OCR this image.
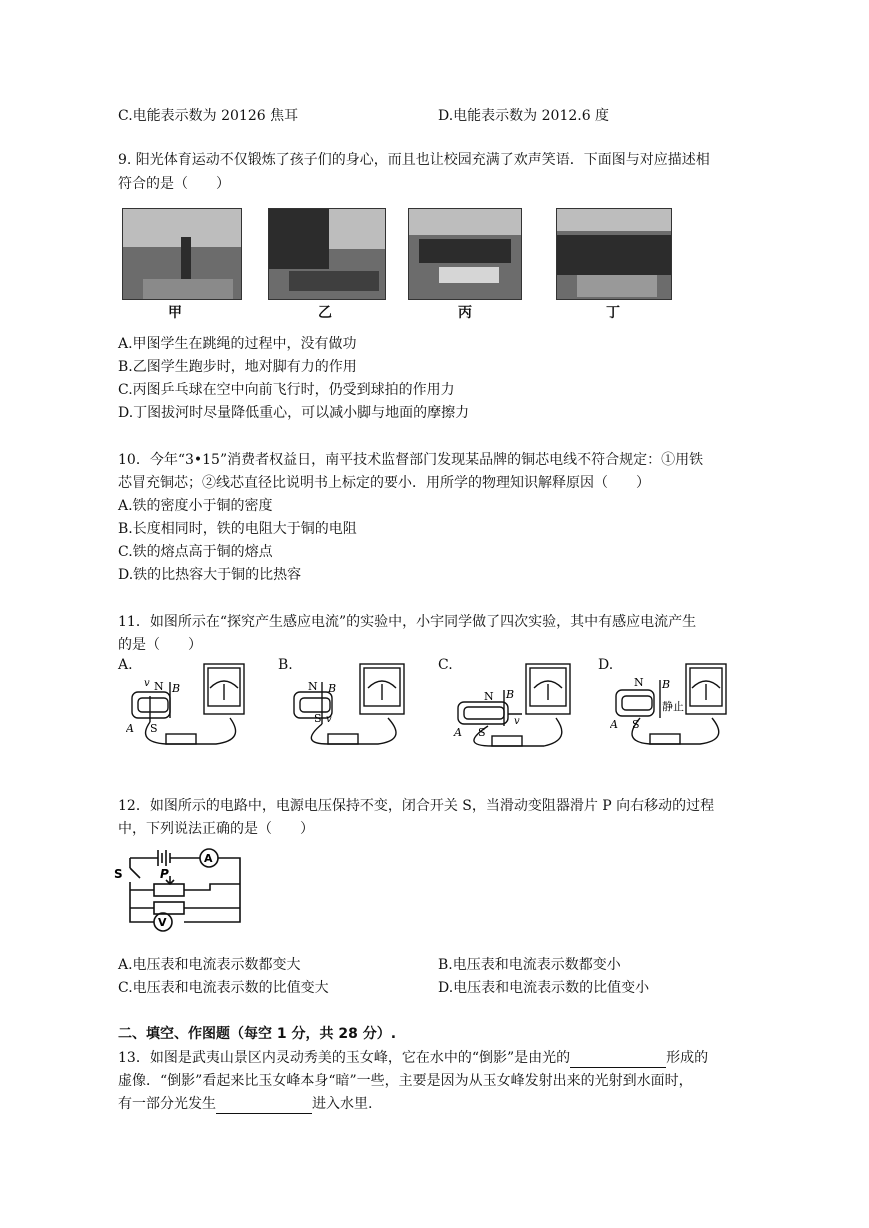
C.电能表示数为 20126 焦耳	D.电能表示数为 2012.6 度
9. 阳光体育运动不仅锻炼了孩子们的身心，而且也让校园充满了欢声笑语．下面图与对应描述相
符合的是（　　）
甲	乙	丙	丁
A.甲图学生在跳绳的过程中，没有做功
B.乙图学生跑步时，地对脚有力的作用
C.丙图乒乓球在空中向前飞行时，仍受到球拍的作用力
D.丁图拔河时尽量降低重心，可以减小脚与地面的摩擦力
10．今年“3•15”消费者权益日，南平技术监督部门发现某品牌的铜芯电线不符合规定：①用铁
芯冒充铜芯；②线芯直径比说明书上标定的要小．用所学的物理知识解释原因（　　）
A.铁的密度小于铜的密度
B.长度相同时，铁的电阻大于铜的电阻
C.铁的熔点高于铜的熔点
D.铁的比热容大于铜的比热容
11．如图所示在“探究产生感应电流”的实验中，小宇同学做了四次实验，其中有感应电流产生
的是（　　）
A.	B.	C.	D.
N B
A S
v	N B
S v
N B
A S
v
N B
A S
静止
12．如图所示的电路中，电源电压保持不变，闭合开关 S，当滑动变阻器滑片 P 向右移动的过程
中，下列说法正确的是（　　）
S	P
A
V
A.电压表和电流表示数都变大	B.电压表和电流表示数都变小
C.电压表和电流表示数的比值变大	D.电压表和电流表示数的比值变小
二、填空、作图题（每空 1 分，共 28 分）.
13．如图是武夷山景区内灵动秀美的玉女峰，它在水中的“倒影”是由光的	形成的
虚像．“倒影”看起来比玉女峰本身“暗”一些，主要是因为从玉女峰发射出来的光射到水面时，
有一部分光发生	进入水里.
